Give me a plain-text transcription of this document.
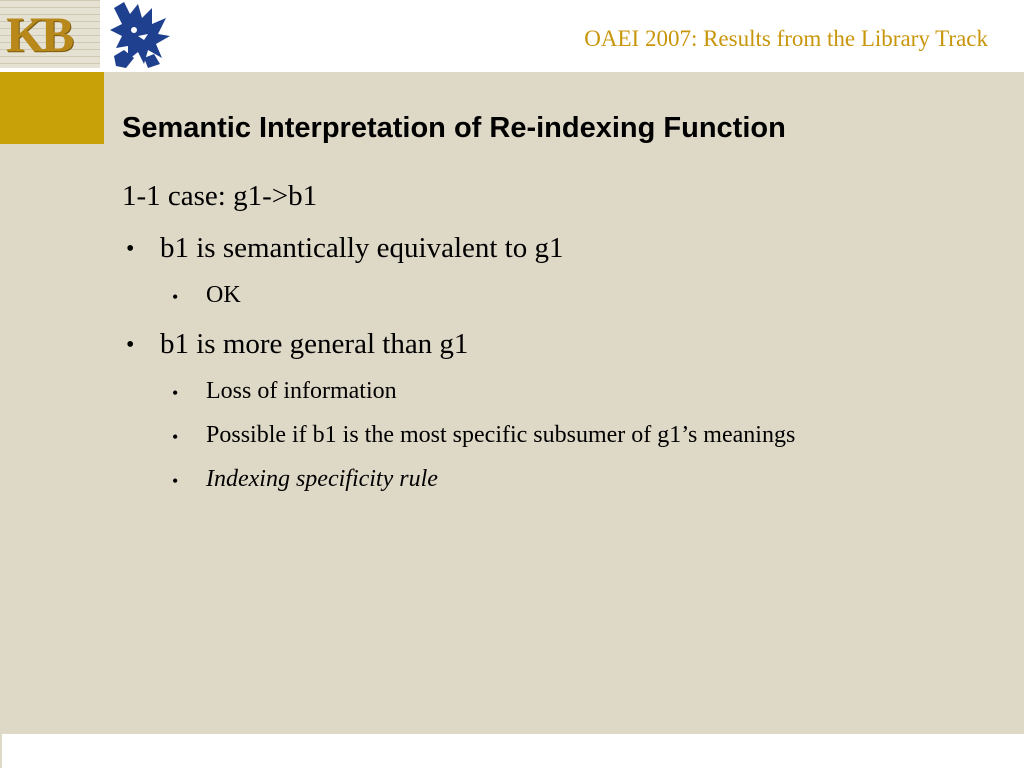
KB	OAEI 2007: Results from the Library Track
Semantic Interpretation of Re-indexing Function
1-1 case: g1->b1
• b1 is semantically equivalent to g1
• OK
• b1 is more general than g1
• Loss of information
• Possible if b1 is the most specific subsumer of g1’s meanings
• Indexing specificity rule
